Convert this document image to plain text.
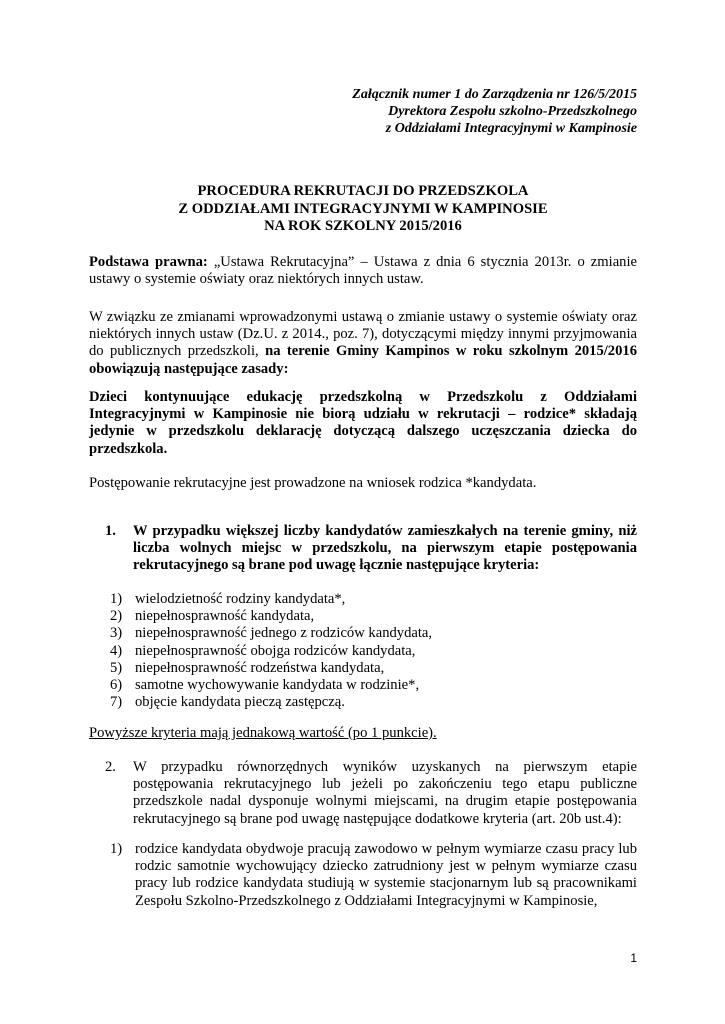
Załącznik numer 1 do Zarządzenia nr 126/5/2015
Dyrektora Zespołu szkolno-Przedszkolnego
z Oddziałami Integracyjnymi w Kampinosie
PROCEDURA REKRUTACJI DO PRZEDSZKOLA
Z ODDZIAŁAMI INTEGRACYJNYMI W KAMPINOSIE
NA ROK SZKOLNY 2015/2016

Podstawa prawna: „Ustawa Rekrutacyjna” – Ustawa z dnia 6 stycznia 2013r. o zmianie ustawy o systemie oświaty oraz niektórych innych ustaw.

W związku ze zmianami wprowadzonymi ustawą o zmianie ustawy o systemie oświaty oraz niektórych innych ustaw (Dz.U. z 2014., poz. 7), dotyczącymi między innymi przyjmowania do publicznych przedszkoli, na terenie Gminy Kampinos w roku szkolnym 2015/2016 obowiązują następujące zasady:

Dzieci kontynuujące edukację przedszkolną w Przedszkolu z Oddziałami Integracyjnymi w Kampinosie nie biorą udziału w rekrutacji – rodzice* składają jedynie w przedszkolu deklarację dotyczącą dalszego uczęszczania dziecka do przedszkola.

Postępowanie rekrutacyjne jest prowadzone na wniosek rodzica *kandydata.

1. W przypadku większej liczby kandydatów zamieszkałych na terenie gminy, niż liczba wolnych miejsc w przedszkolu, na pierwszym etapie postępowania rekrutacyjnego są brane pod uwagę łącznie następujące kryteria:
1) wielodzietność rodziny kandydata*,
2) niepełnosprawność kandydata,
3) niepełnosprawność jednego z rodziców kandydata,
4) niepełnosprawność obojga rodziców kandydata,
5) niepełnosprawność rodzeństwa kandydata,
6) samotne wychowywanie kandydata w rodzinie*,
7) objęcie kandydata pieczą zastępczą.

Powyższe kryteria mają jednakową wartość (po 1 punkcie).

2. W przypadku równorzędnych wyników uzyskanych na pierwszym etapie postępowania rekrutacyjnego lub jeżeli po zakończeniu tego etapu publiczne przedszkole nadal dysponuje wolnymi miejscami, na drugim etapie postępowania rekrutacyjnego są brane pod uwagę następujące dodatkowe kryteria (art. 20b ust.4):
1) rodzice kandydata obydwoje pracują zawodowo w pełnym wymiarze czasu pracy lub rodzic samotnie wychowujący dziecko zatrudniony jest w pełnym wymiarze czasu pracy lub rodzice kandydata studiują w systemie stacjonarnym lub są pracownikami Zespołu Szkolno-Przedszkolnego z Oddziałami Integracyjnymi w Kampinosie,
1
